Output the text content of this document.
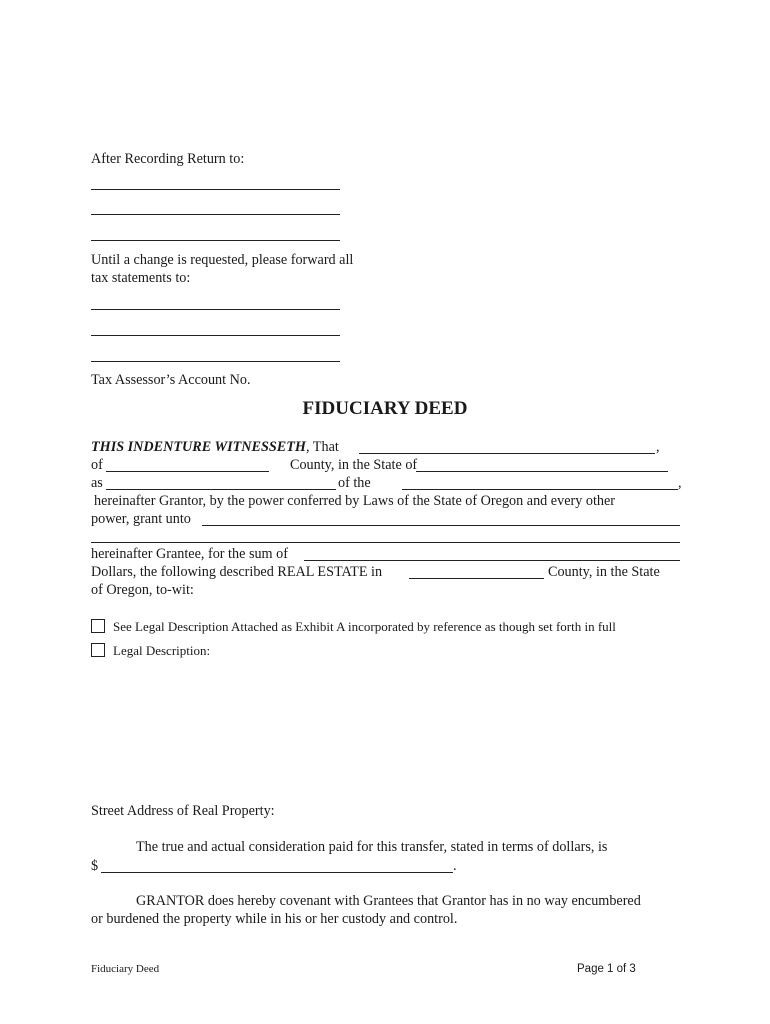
After Recording Return to:
Until a change is requested, please forward all
tax statements to:
Tax Assessor’s Account No.
FIDUCIARY DEED
THIS INDENTURE WITNESSETH, That	,
of	County, in the State of
as	of the	,
hereinafter Grantor, by the power conferred by Laws of the State of Oregon and every other
power, grant unto
hereinafter Grantee, for the sum of
Dollars, the following described REAL ESTATE in	County, in the State
of Oregon, to-wit:
See Legal Description Attached as Exhibit A incorporated by reference as though set forth in full
Legal Description:
Street Address of Real Property:
The true and actual consideration paid for this transfer, stated in terms of dollars, is
$	.
GRANTOR does hereby covenant with Grantees that Grantor has in no way encumbered
or burdened the property while in his or her custody and control.
Fiduciary Deed	Page 1 of 3
